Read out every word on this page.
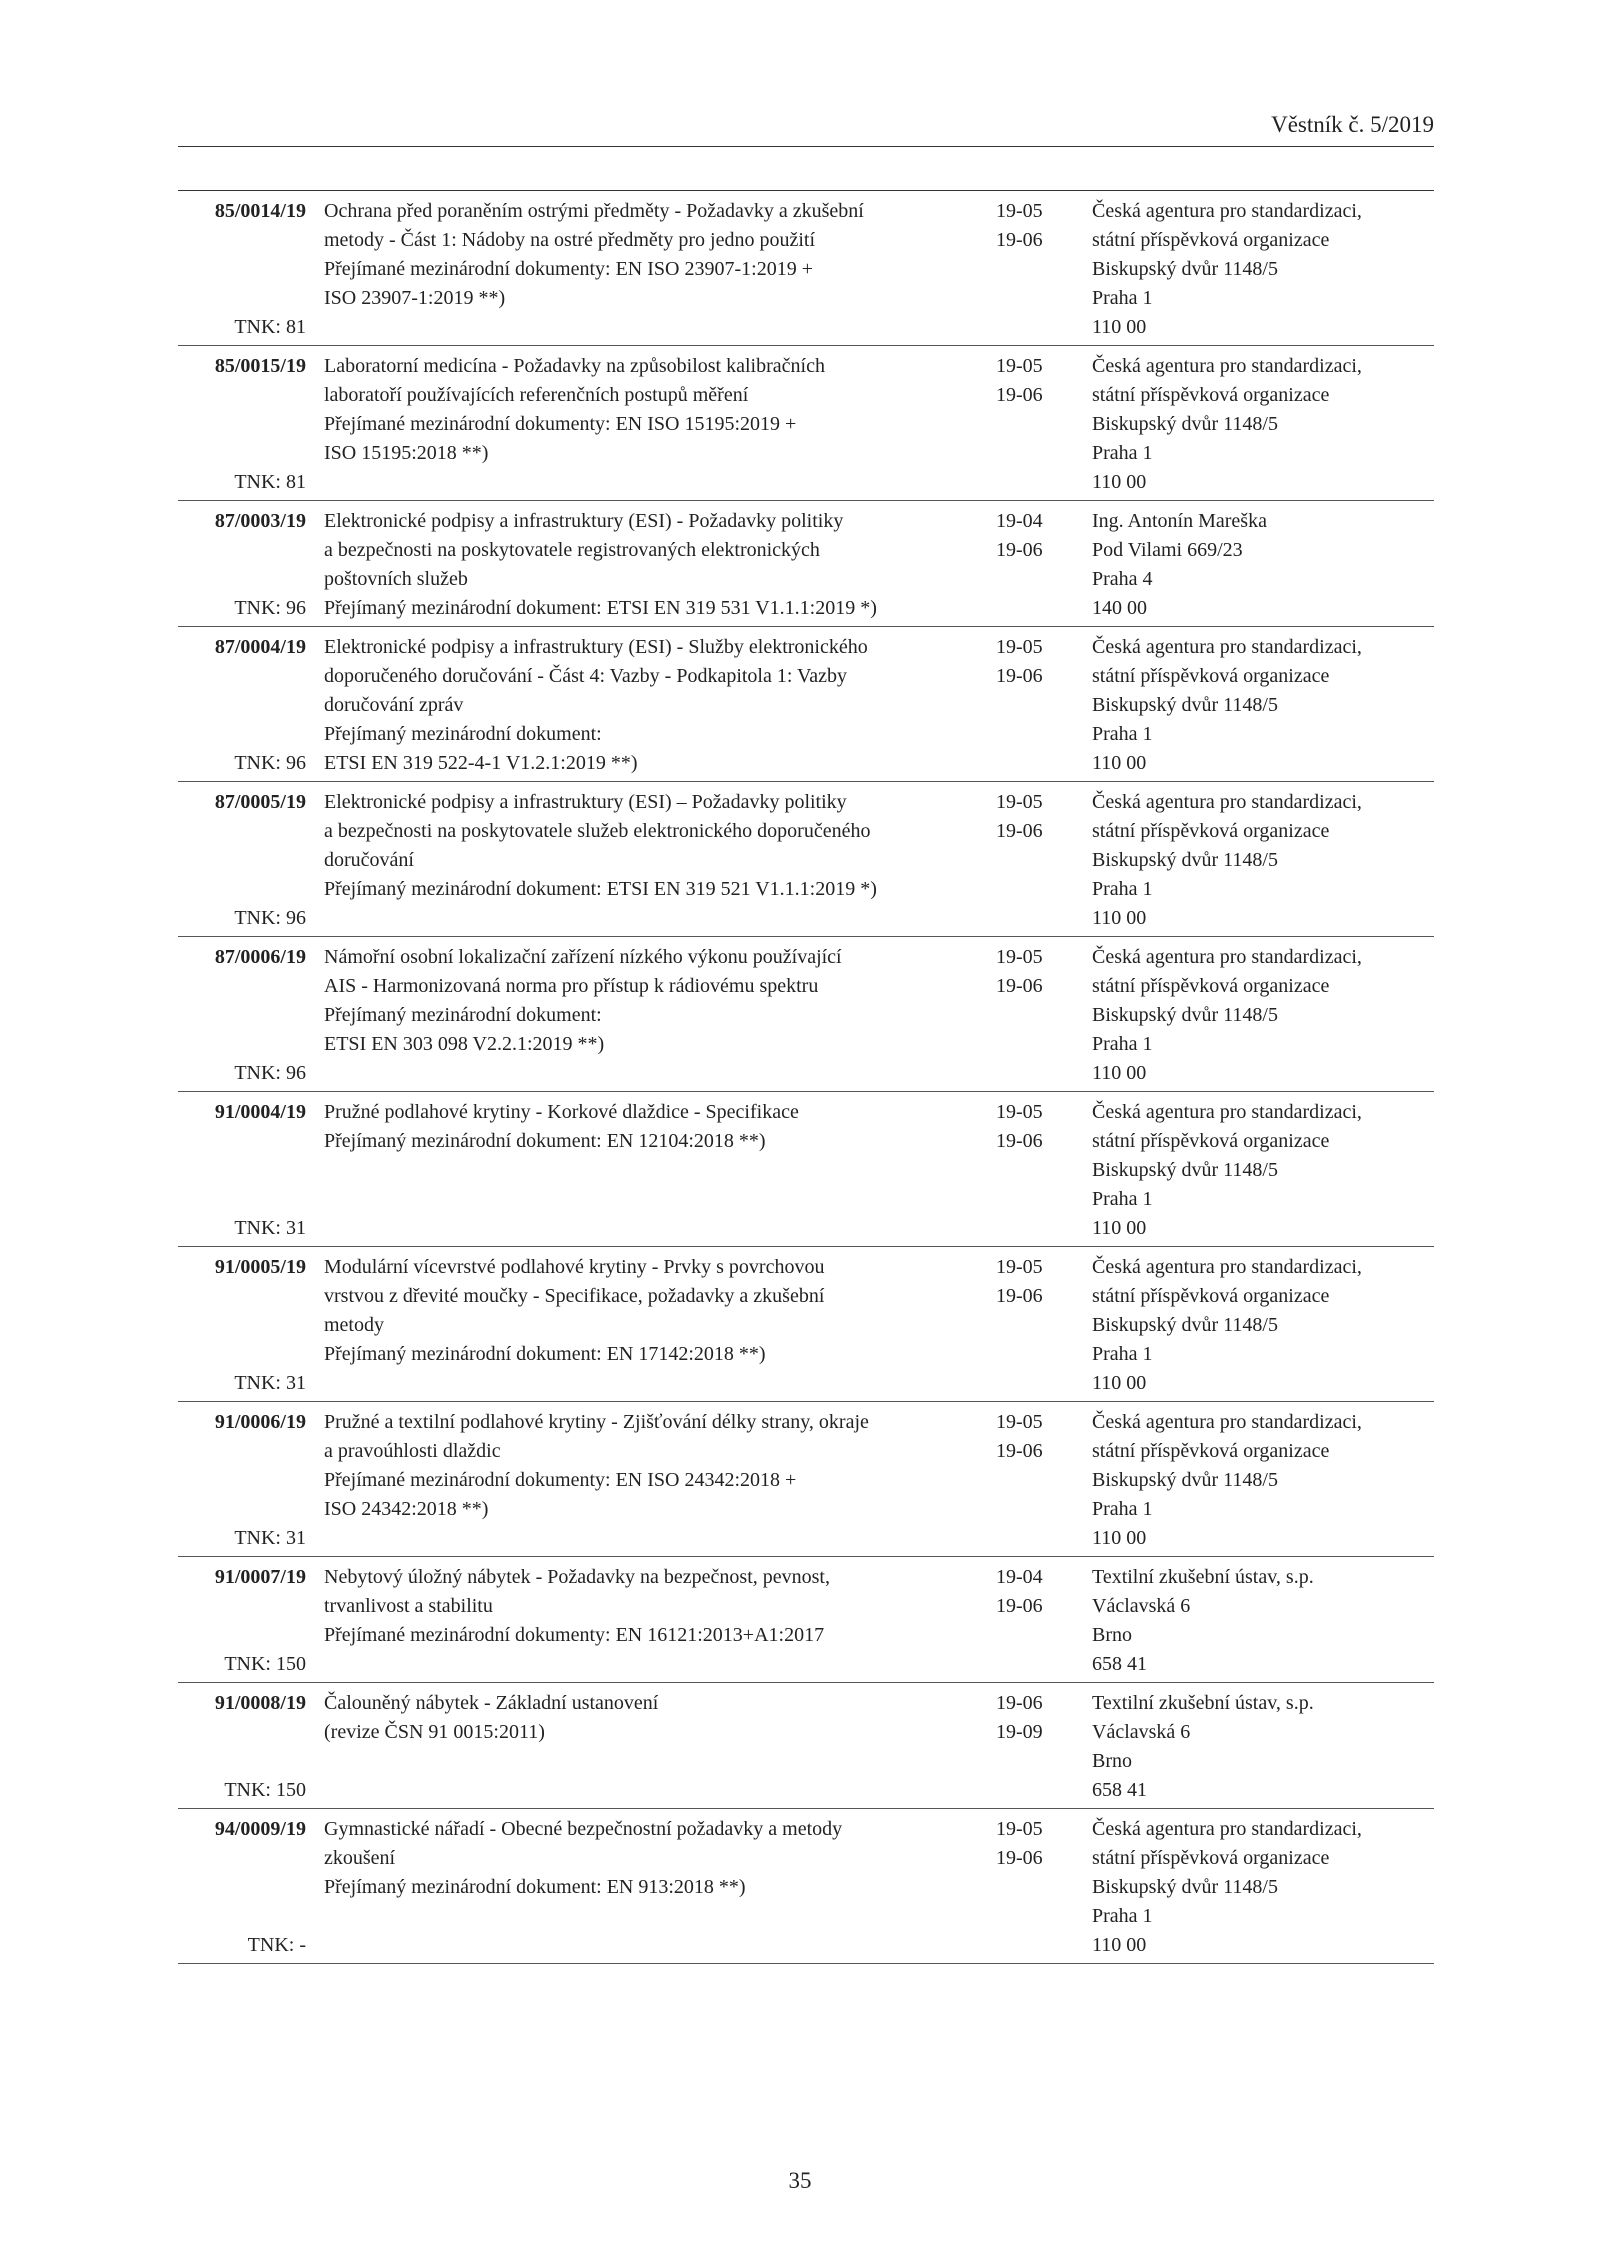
Věstník č. 5/2019
85/0014/19
TNK: 81
Ochrana před poraněním ostrými předměty - Požadavky a zkušební
metody - Část 1: Nádoby na ostré předměty pro jedno použití
Přejímané mezinárodní dokumenty: EN ISO 23907-1:2019 +
ISO 23907-1:2019 **)
19-05
19-06
Česká agentura pro standardizaci,
státní příspěvková organizace
Biskupský dvůr 1148/5
Praha 1
110 00
85/0015/19
TNK: 81
Laboratorní medicína - Požadavky na způsobilost kalibračních
laboratoří používajících referenčních postupů měření
Přejímané mezinárodní dokumenty: EN ISO 15195:2019 +
ISO 15195:2018 **)
19-05
19-06
Česká agentura pro standardizaci,
státní příspěvková organizace
Biskupský dvůr 1148/5
Praha 1
110 00
87/0003/19
TNK: 96
Elektronické podpisy a infrastruktury (ESI) - Požadavky politiky
a bezpečnosti na poskytovatele registrovaných elektronických
poštovních služeb
Přejímaný mezinárodní dokument: ETSI EN 319 531 V1.1.1:2019 *)
19-04
19-06
Ing. Antonín Mareška
Pod Vilami 669/23
Praha 4
140 00
87/0004/19
TNK: 96
Elektronické podpisy a infrastruktury (ESI) - Služby elektronického
doporučeného doručování - Část 4: Vazby - Podkapitola 1: Vazby
doručování zpráv
Přejímaný mezinárodní dokument:
ETSI EN 319 522-4-1 V1.2.1:2019 **)
19-05
19-06
Česká agentura pro standardizaci,
státní příspěvková organizace
Biskupský dvůr 1148/5
Praha 1
110 00
87/0005/19
TNK: 96
Elektronické podpisy a infrastruktury (ESI) – Požadavky politiky
a bezpečnosti na poskytovatele služeb elektronického doporučeného
doručování
Přejímaný mezinárodní dokument: ETSI EN 319 521 V1.1.1:2019 *)
19-05
19-06
Česká agentura pro standardizaci,
státní příspěvková organizace
Biskupský dvůr 1148/5
Praha 1
110 00
87/0006/19
TNK: 96
Námořní osobní lokalizační zařízení nízkého výkonu používající
AIS - Harmonizovaná norma pro přístup k rádiovému spektru
Přejímaný mezinárodní dokument:
ETSI EN 303 098 V2.2.1:2019 **)
19-05
19-06
Česká agentura pro standardizaci,
státní příspěvková organizace
Biskupský dvůr 1148/5
Praha 1
110 00
91/0004/19
TNK: 31
Pružné podlahové krytiny - Korkové dlaždice - Specifikace
Přejímaný mezinárodní dokument: EN 12104:2018 **)
19-05
19-06
Česká agentura pro standardizaci,
státní příspěvková organizace
Biskupský dvůr 1148/5
Praha 1
110 00
91/0005/19
TNK: 31
Modulární vícevrstvé podlahové krytiny - Prvky s povrchovou
vrstvou z dřevité moučky - Specifikace, požadavky a zkušební
metody
Přejímaný mezinárodní dokument: EN 17142:2018 **)
19-05
19-06
Česká agentura pro standardizaci,
státní příspěvková organizace
Biskupský dvůr 1148/5
Praha 1
110 00
91/0006/19
TNK: 31
Pružné a textilní podlahové krytiny - Zjišťování délky strany, okraje
a pravoúhlosti dlaždic
Přejímané mezinárodní dokumenty: EN ISO 24342:2018 +
ISO 24342:2018 **)
19-05
19-06
Česká agentura pro standardizaci,
státní příspěvková organizace
Biskupský dvůr 1148/5
Praha 1
110 00
91/0007/19
TNK: 150
Nebytový úložný nábytek - Požadavky na bezpečnost, pevnost,
trvanlivost a stabilitu
Přejímané mezinárodní dokumenty: EN 16121:2013+A1:2017
19-04
19-06
Textilní zkušební ústav, s.p.
Václavská 6
Brno
658 41
91/0008/19
TNK: 150
Čalouněný nábytek - Základní ustanovení
(revize ČSN 91 0015:2011)
19-06
19-09
Textilní zkušební ústav, s.p.
Václavská 6
Brno
658 41
94/0009/19
TNK: -
Gymnastické nářadí - Obecné bezpečnostní požadavky a metody
zkoušení
Přejímaný mezinárodní dokument: EN 913:2018 **)
19-05
19-06
Česká agentura pro standardizaci,
státní příspěvková organizace
Biskupský dvůr 1148/5
Praha 1
110 00
35
